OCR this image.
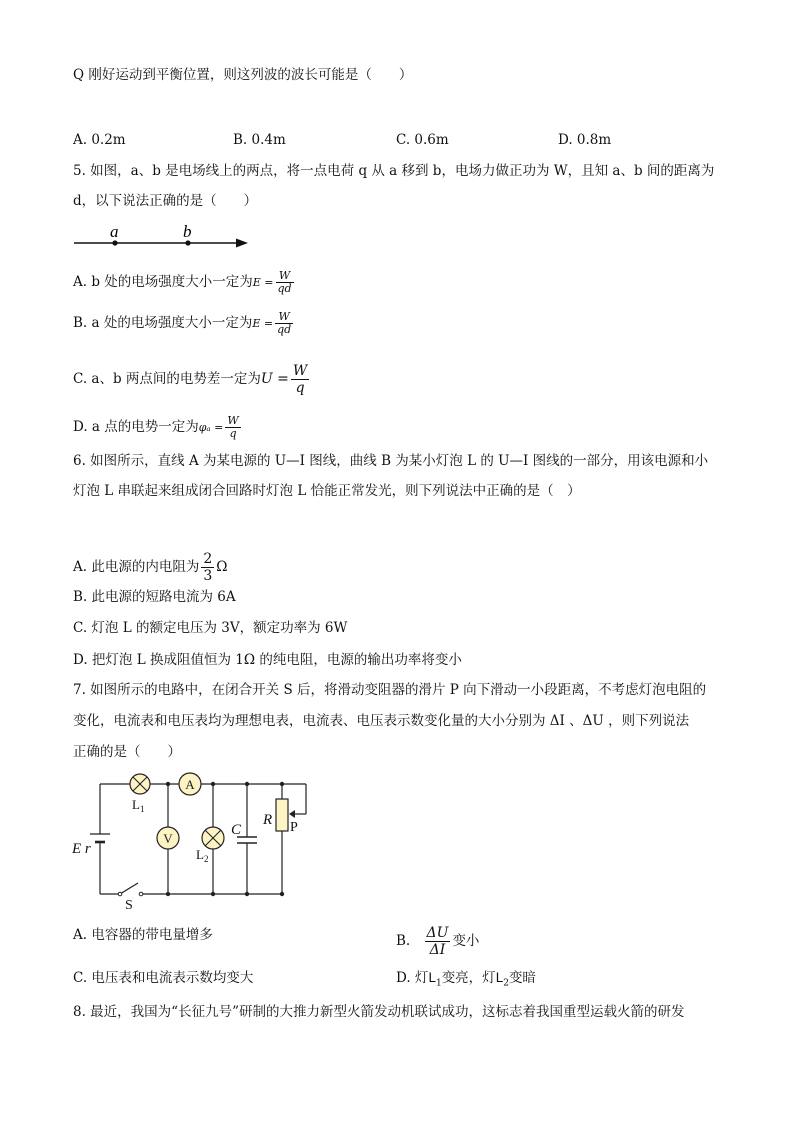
Q 刚好运动到平衡位置，则这列波的波长可能是（　　）
A. 0.2m	B. 0.4m	C. 0.6m	D. 0.8m
5. 如图，a、b 是电场线上的两点，将一点电荷 q 从 a 移到 b，电场力做正功为 W，且知 a、b 间的距离为
d，以下说法正确的是（　　）
a	b
A. b 处的电场强度大小一定为$E = \frac{W}{qd}$
B. a 处的电场强度大小一定为$E = \frac{W}{qd}$
C. a、b 两点间的电势差一定为$U = \frac{W}{q}$
D. a 点的电势一定为$\varphi_a = \frac{W}{q}$
6. 如图所示，直线 A 为某电源的 U—I 图线，曲线 B 为某小灯泡 L 的 U—I 图线的一部分，用该电源和小
灯泡 L 串联起来组成闭合回路时灯泡 L 恰能正常发光，则下列说法中正确的是（　）
A. 此电源的内电阻为 $\frac{2}{3}$ Ω
B. 此电源的短路电流为 6A
C. 灯泡 L 的额定电压为 3V，额定功率为 6W
D. 把灯泡 L 换成阻值恒为 1Ω 的纯电阻，电源的输出功率将变小
7. 如图所示的电路中，在闭合开关 S 后，将滑动变阻器的滑片 P 向下滑动一小段距离，不考虑灯泡电阻的
变化，电流表和电压表均为理想电表，电流表、电压表示数变化量的大小分别为 ΔI 、ΔU ，则下列说法
正确的是（　　）
A
V
$L_1$
$L_2$
C
R P
E r
S
A. 电容器的带电量增多	B. $\frac{\Delta U}{\Delta I}$ 变小
C. 电压表和电流表示数均变大	D. 灯$L_1$变亮，灯$L_2$变暗
8. 最近，我国为“长征九号”研制的大推力新型火箭发动机联试成功，这标志着我国重型运载火箭的研发
